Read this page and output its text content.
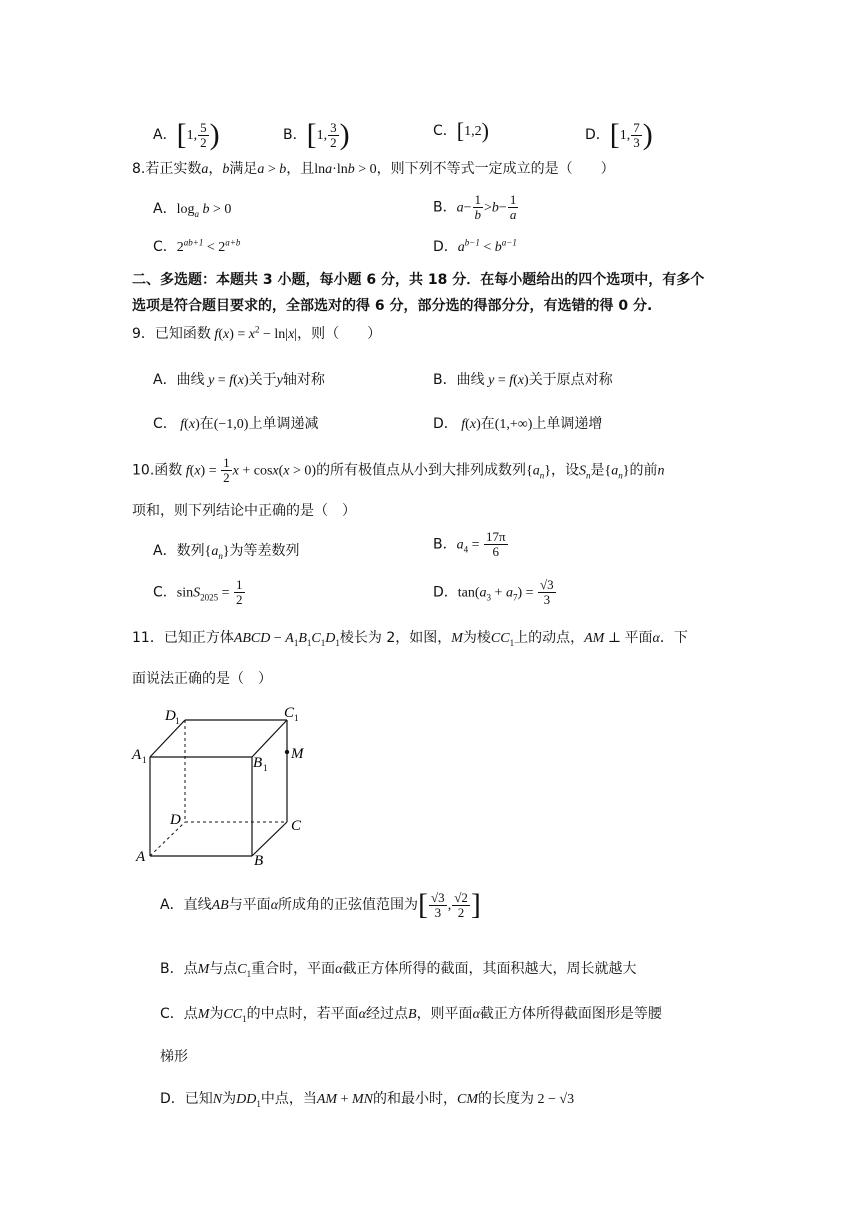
A．[1, $\frac{5}{2}$ )	B．[1, $\frac{3}{2}$ )	C．[1,2)	D．[1, $\frac{7}{3}$ )
8.若正实数a，b满足a > b，且lna·lnb > 0，则下列不等式一定成立的是（　　）
A．$\log_a b > 0$	B．$a- \frac{1}{b} >b- \frac{1}{a}$
C．$2^{ab+1} < 2^{a+b}$	D．$a^{b-1} < b^{a-1}$
二、多选题：本题共 3 小题，每小题 6 分，共 18 分．在每小题给出的四个选项中，有多个
选项是符合题目要求的，全部选对的得 6 分，部分选的得部分分，有选错的得 0 分.
9．已知函数 $f(x) = x^2 - \ln|x|$，则（　　）
A．曲线 y = f(x)关于y轴对称	B．曲线 y = f(x)关于原点对称
C． f(x)在(−1,0)上单调递减	D． f(x)在(1,+∞)上单调递增
10.函数 $f(x) = \frac{1}{2}$ x + cosx(x > 0)的所有极值点从小到大排列成数列$\{a_n\}$，设$S_n$是$\{a_n\}$的前n
项和，则下列结论中正确的是（　）
A．数列$\{a_n\}$为等差数列	B．$a_4 = \frac{17\pi}{6}$
C．$\sin S_{2025} = \frac{1}{2}$	D．$\tan(a_3 + a_7) = \frac{√3}{3}$
11．已知正方体ABCD − $A_1B_1C_1D_1$棱长为 2，如图，M为棱$CC_1$上的动点，AM ⊥ 平面α．下
面说法正确的是（　）
D 1	C 1
A 1	B 1
M
D	C
A	B
A．直线AB与平面α所成角的正弦值范围为[ $\frac{√3}{3}$ , $\frac{√2}{2}$ ]
B．点M与点$C_1$重合时，平面α截正方体所得的截面，其面积越大，周长就越大
C．点M为$CC_1$的中点时，若平面α经过点B，则平面α截正方体所得截面图形是等腰
梯形
D．已知N为$DD_1$中点，当AM + MN的和最小时，CM的长度为 2 − √3
